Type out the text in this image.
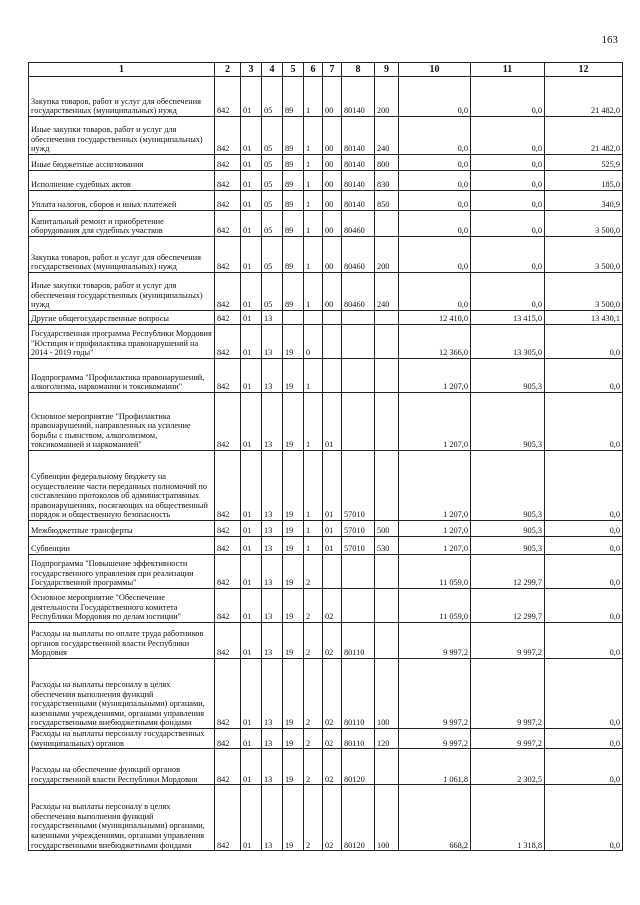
163
1	2	3	4	5	6	7	8	9	10	11	12
Закупка товаров, работ и услуг для обеспечения государственных (муниципальных) нужд	842	01	05	89	1	00	80140	200	0,0	0,0	21 482,0
Иные закупки товаров, работ и услуг для обеспечения государственных (муниципальных) нужд	842	01	05	89	1	00	80140	240	0,0	0,0	21 482,0
Иные бюджетные ассигнования	842	01	05	89	1	00	80140	800	0,0	0,0	525,9
Исполнение судебных актов	842	01	05	89	1	00	80140	830	0,0	0,0	185,0
Уплата налогов, сборов и иных платежей	842	01	05	89	1	00	80140	850	0,0	0,0	340,9
Капитальный ремонт и приобретение оборудования для судебных участков	842	01	05	89	1	00	80460		0,0	0,0	3 500,0
Закупка товаров, работ и услуг для обеспечения государственных (муниципальных) нужд	842	01	05	89	1	00	80460	200	0,0	0,0	3 500,0
Иные закупки товаров, работ и услуг для обеспечения государственных (муниципальных) нужд	842	01	05	89	1	00	80460	240	0,0	0,0	3 500,0
Другие общегосударственные вопросы	842	01	13						12 410,0	13 415,0	13 430,1
Государственная программа Республики Мордовия "Юстиция и профилактика правонарушений на 2014 - 2019 годы"	842	01	13	19	0				12 366,0	13 305,0	0,0
Подпрограмма "Профилактика правонарушений, алкоголизма, наркомании и токсикомании"	842	01	13	19	1				1 207,0	905,3	0,0
Основное мероприятие "Профилактика правонарушений, направленных на усиление борьбы с пьянством, алкоголизмом, токсикоманией и наркоманией"	842	01	13	19	1	01			1 207,0	905,3	0,0
Субвенции федеральному бюджету на осуществление части переданных полномочий по составлению протоколов об административных правонарушениях, посягающих на общественный порядок и общественную безопасность	842	01	13	19	1	01	57010		1 207,0	905,3	0,0
Межбюджетные трансферты	842	01	13	19	1	01	57010	500	1 207,0	905,3	0,0
Субвенции	842	01	13	19	1	01	57010	530	1 207,0	905,3	0,0
Подпрограмма "Повышение эффективности государственного управления при реализации Государственной программы"	842	01	13	19	2				11 059,0	12 299,7	0,0
Основное мероприятие "Обеспечение деятельности Государственного комитета Республики Мордовия по делам юстиции"	842	01	13	19	2	02			11 059,0	12 299,7	0,0
Расходы на выплаты по оплате труда работников органов государственной власти Республики Мордовия	842	01	13	19	2	02	80110		9 997,2	9 997,2	0,0
Расходы на выплаты персоналу в целях обеспечения выполнения функций государственными (муниципальными) органами, казенными учреждениями, органами управления государственными внебюджетными фондами	842	01	13	19	2	02	80110	100	9 997,2	9 997,2	0,0
Расходы на выплаты персоналу государственных (муниципальных) органов	842	01	13	19	2	02	80110	120	9 997,2	9 997,2	0,0
Расходы на обеспечение функций органов государственной власти Республики Мордовия	842	01	13	19	2	02	80120		1 061,8	2 302,5	0,0
Расходы на выплаты персоналу в целях обеспечения выполнения функций государственными (муниципальными) органами, казенными учреждениями, органами управления государственными внебюджетными фондами	842	01	13	19	2	02	80120	100	668,2	1 318,8	0,0
